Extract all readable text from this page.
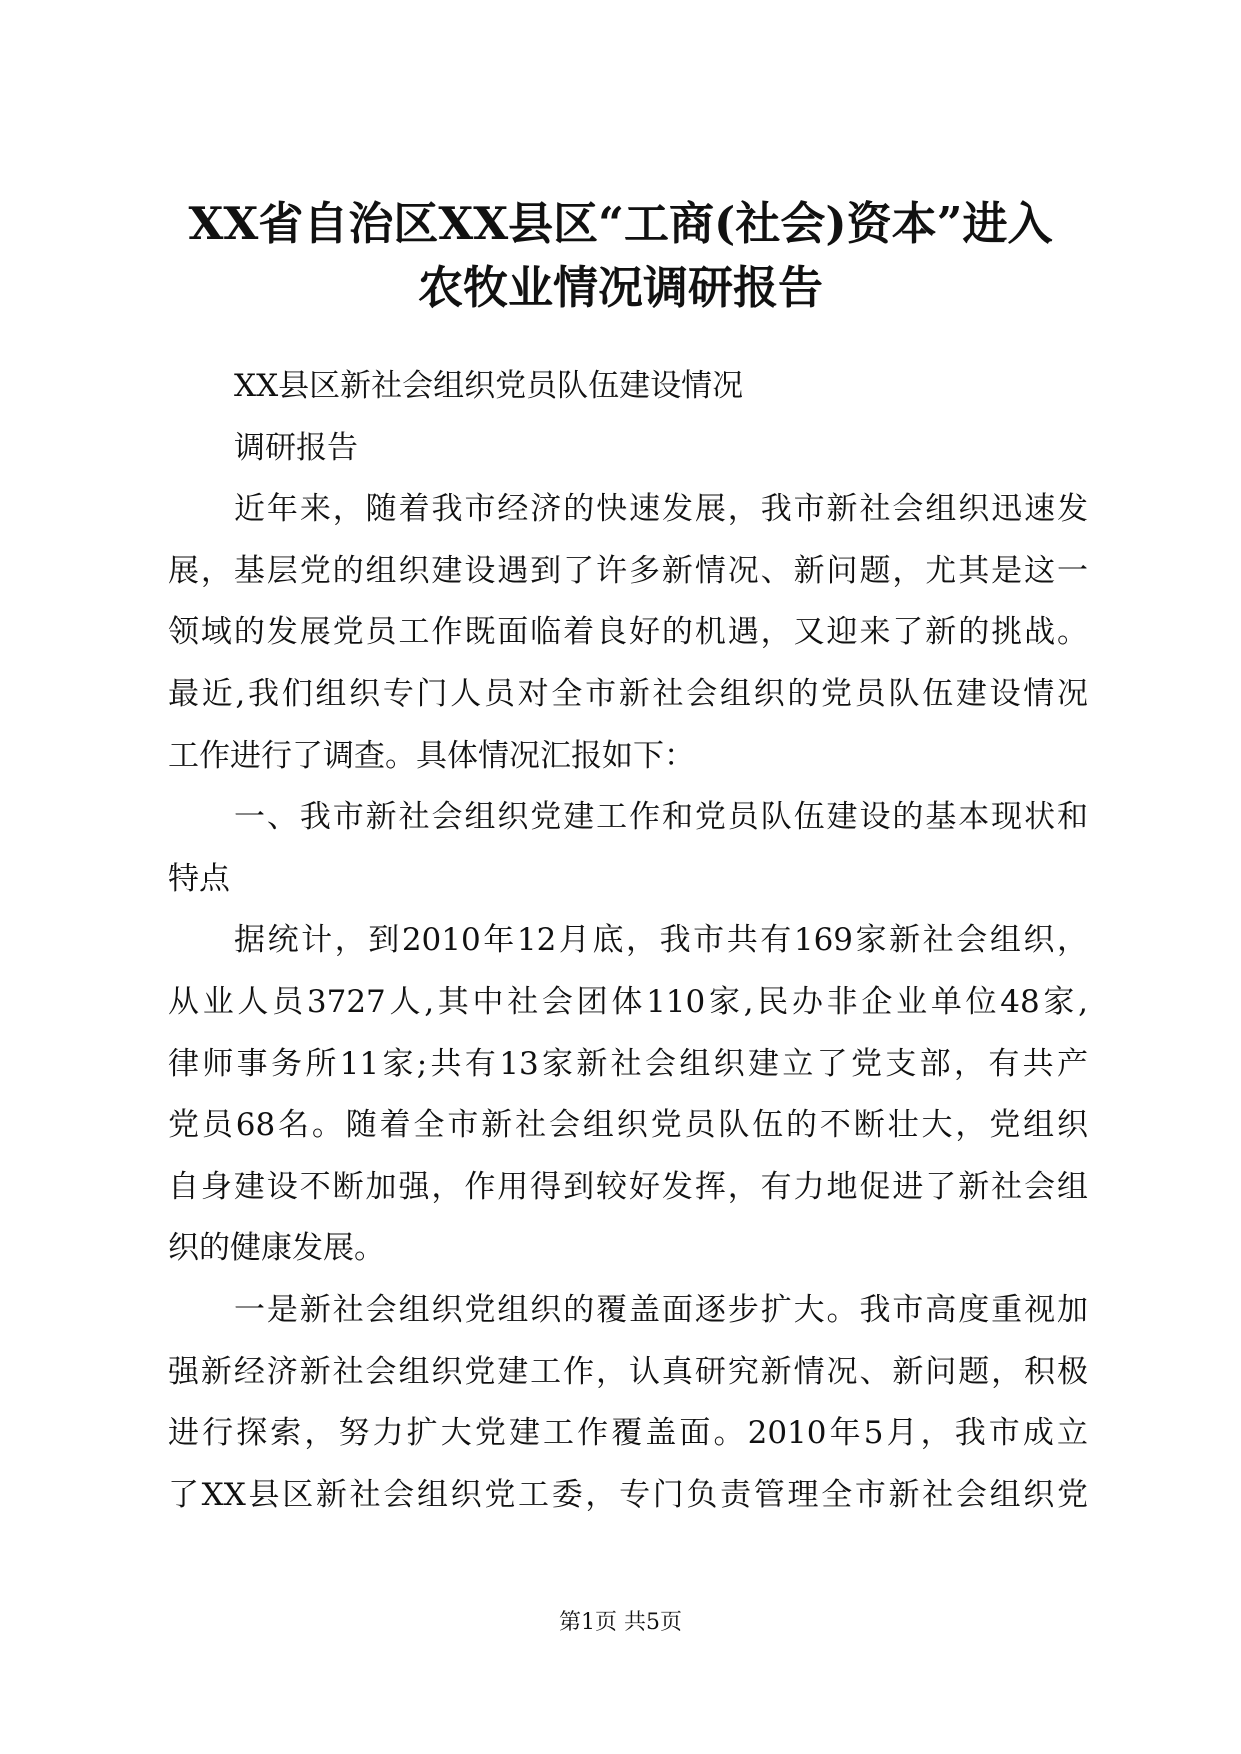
XX省自治区XX县区“工商(社会)资本”进入
农牧业情况调研报告
XX县区新社会组织党员队伍建设情况
调研报告
近年来，随着我市经济的快速发展，我市新社会组织迅速发
展，基层党的组织建设遇到了许多新情况、新问题，尤其是这一
领域的发展党员工作既面临着良好的机遇，又迎来了新的挑战。
最近,我们组织专门人员对全市新社会组织的党员队伍建设情况
工作进行了调查。具体情况汇报如下：
一、我市新社会组织党建工作和党员队伍建设的基本现状和
特点
据统计，到2010年12月底，我市共有169家新社会组织，
从业人员3727人,其中社会团体110家,民办非企业单位48家,
律师事务所11家;共有13家新社会组织建立了党支部，有共产
党员68名。随着全市新社会组织党员队伍的不断壮大，党组织
自身建设不断加强，作用得到较好发挥，有力地促进了新社会组
织的健康发展。
一是新社会组织党组织的覆盖面逐步扩大。我市高度重视加
强新经济新社会组织党建工作，认真研究新情况、新问题，积极
进行探索，努力扩大党建工作覆盖面。2010年5月，我市成立
了XX县区新社会组织党工委，专门负责管理全市新社会组织党
第1页 共5页
